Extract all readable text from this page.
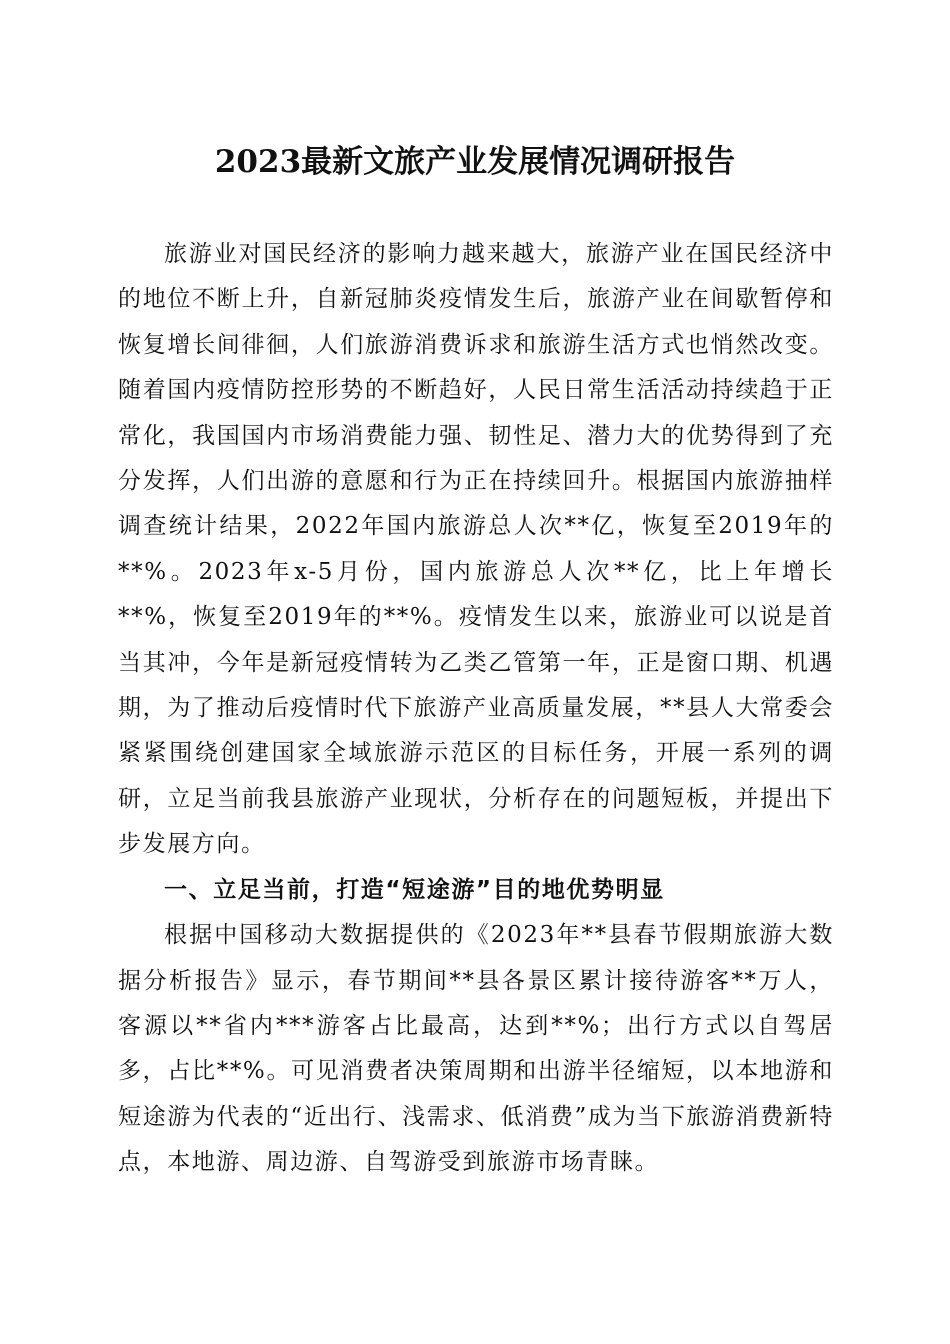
2023最新文旅产业发展情况调研报告

旅游业对国民经济的影响力越来越大，旅游产业在国民经济中的地位不断上升，自新冠肺炎疫情发生后，旅游产业在间歇暂停和恢复增长间徘徊，人们旅游消费诉求和旅游生活方式也悄然改变。随着国内疫情防控形势的不断趋好，人民日常生活活动持续趋于正常化，我国国内市场消费能力强、韧性足、潜力大的优势得到了充分发挥，人们出游的意愿和行为正在持续回升。根据国内旅游抽样调查统计结果，2022年国内旅游总人次**亿，恢复至2019年的**%。2023年x-5月份，国内旅游总人次**亿，比上年增长**%，恢复至2019年的**%。疫情发生以来，旅游业可以说是首当其冲，今年是新冠疫情转为乙类乙管第一年，正是窗口期、机遇期，为了推动后疫情时代下旅游产业高质量发展，**县人大常委会紧紧围绕创建国家全域旅游示范区的目标任务，开展一系列的调研，立足当前我县旅游产业现状，分析存在的问题短板，并提出下步发展方向。

一、立足当前，打造“短途游”目的地优势明显

根据中国移动大数据提供的《2023年**县春节假期旅游大数据分析报告》显示，春节期间**县各景区累计接待游客**万人，客源以**省内***游客占比最高，达到**%；出行方式以自驾居多，占比**%。可见消费者决策周期和出游半径缩短，以本地游和短途游为代表的“近出行、浅需求、低消费”成为当下旅游消费新特点，本地游、周边游、自驾游受到旅游市场青睐。
